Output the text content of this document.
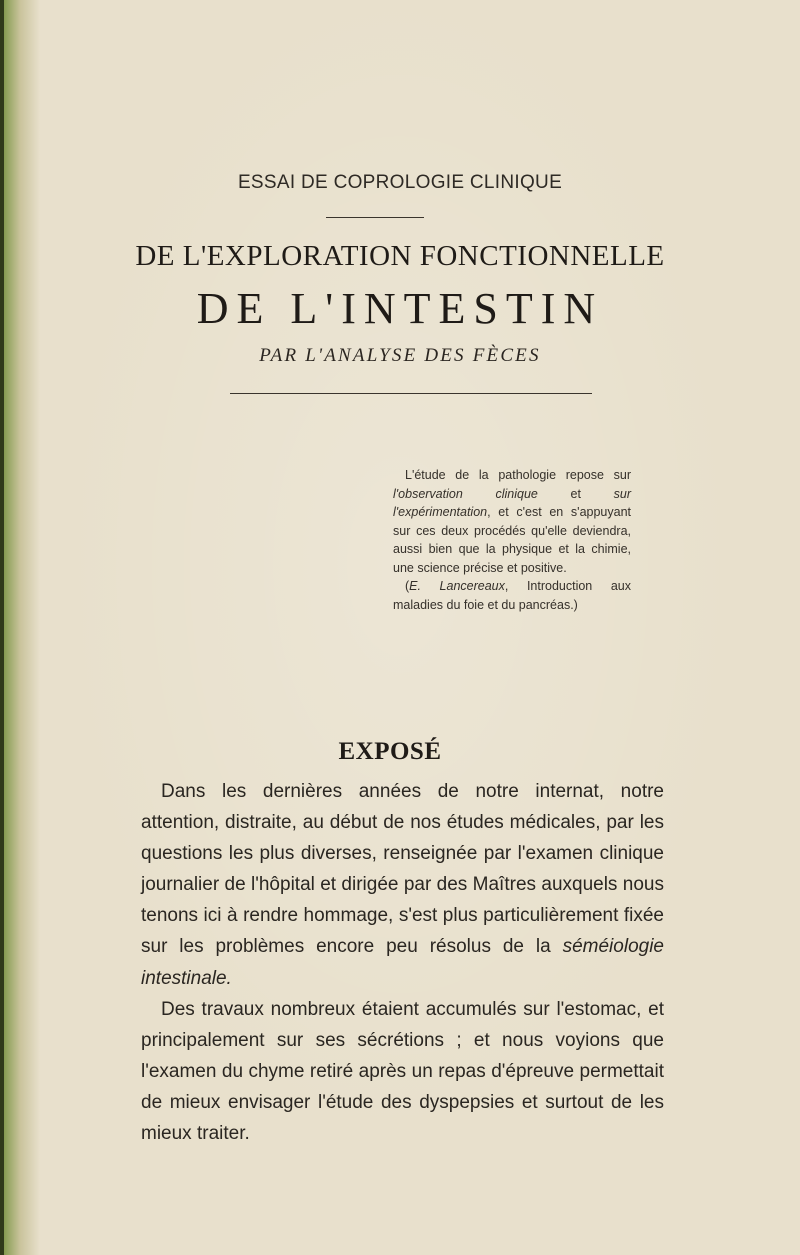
ESSAI DE COPROLOGIE CLINIQUE
DE L'EXPLORATION FONCTIONNELLE
DE L'INTESTIN
PAR L'ANALYSE DES FÈCES

L'étude de la pathologie repose sur l'observation clinique et sur l'expérimentation, et c'est en s'appuyant sur ces deux procédés qu'elle deviendra, aussi bien que la physique et la chimie, une science précise et positive.

(E. Lancereaux, Introduction aux maladies du foie et du pancréas.)

EXPOSÉ

Dans les dernières années de notre internat, notre attention, distraite, au début de nos études médicales, par les questions les plus diverses, renseignée par l'examen clinique journalier de l'hôpital et dirigée par des Maîtres auxquels nous tenons ici à rendre hommage, s'est plus particulièrement fixée sur les problèmes encore peu résolus de la séméiologie intestinale.

Des travaux nombreux étaient accumulés sur l'estomac, et principalement sur ses sécrétions ; et nous voyions que l'examen du chyme retiré après un repas d'épreuve permettait de mieux envisager l'étude des dyspepsies et surtout de les mieux traiter.
